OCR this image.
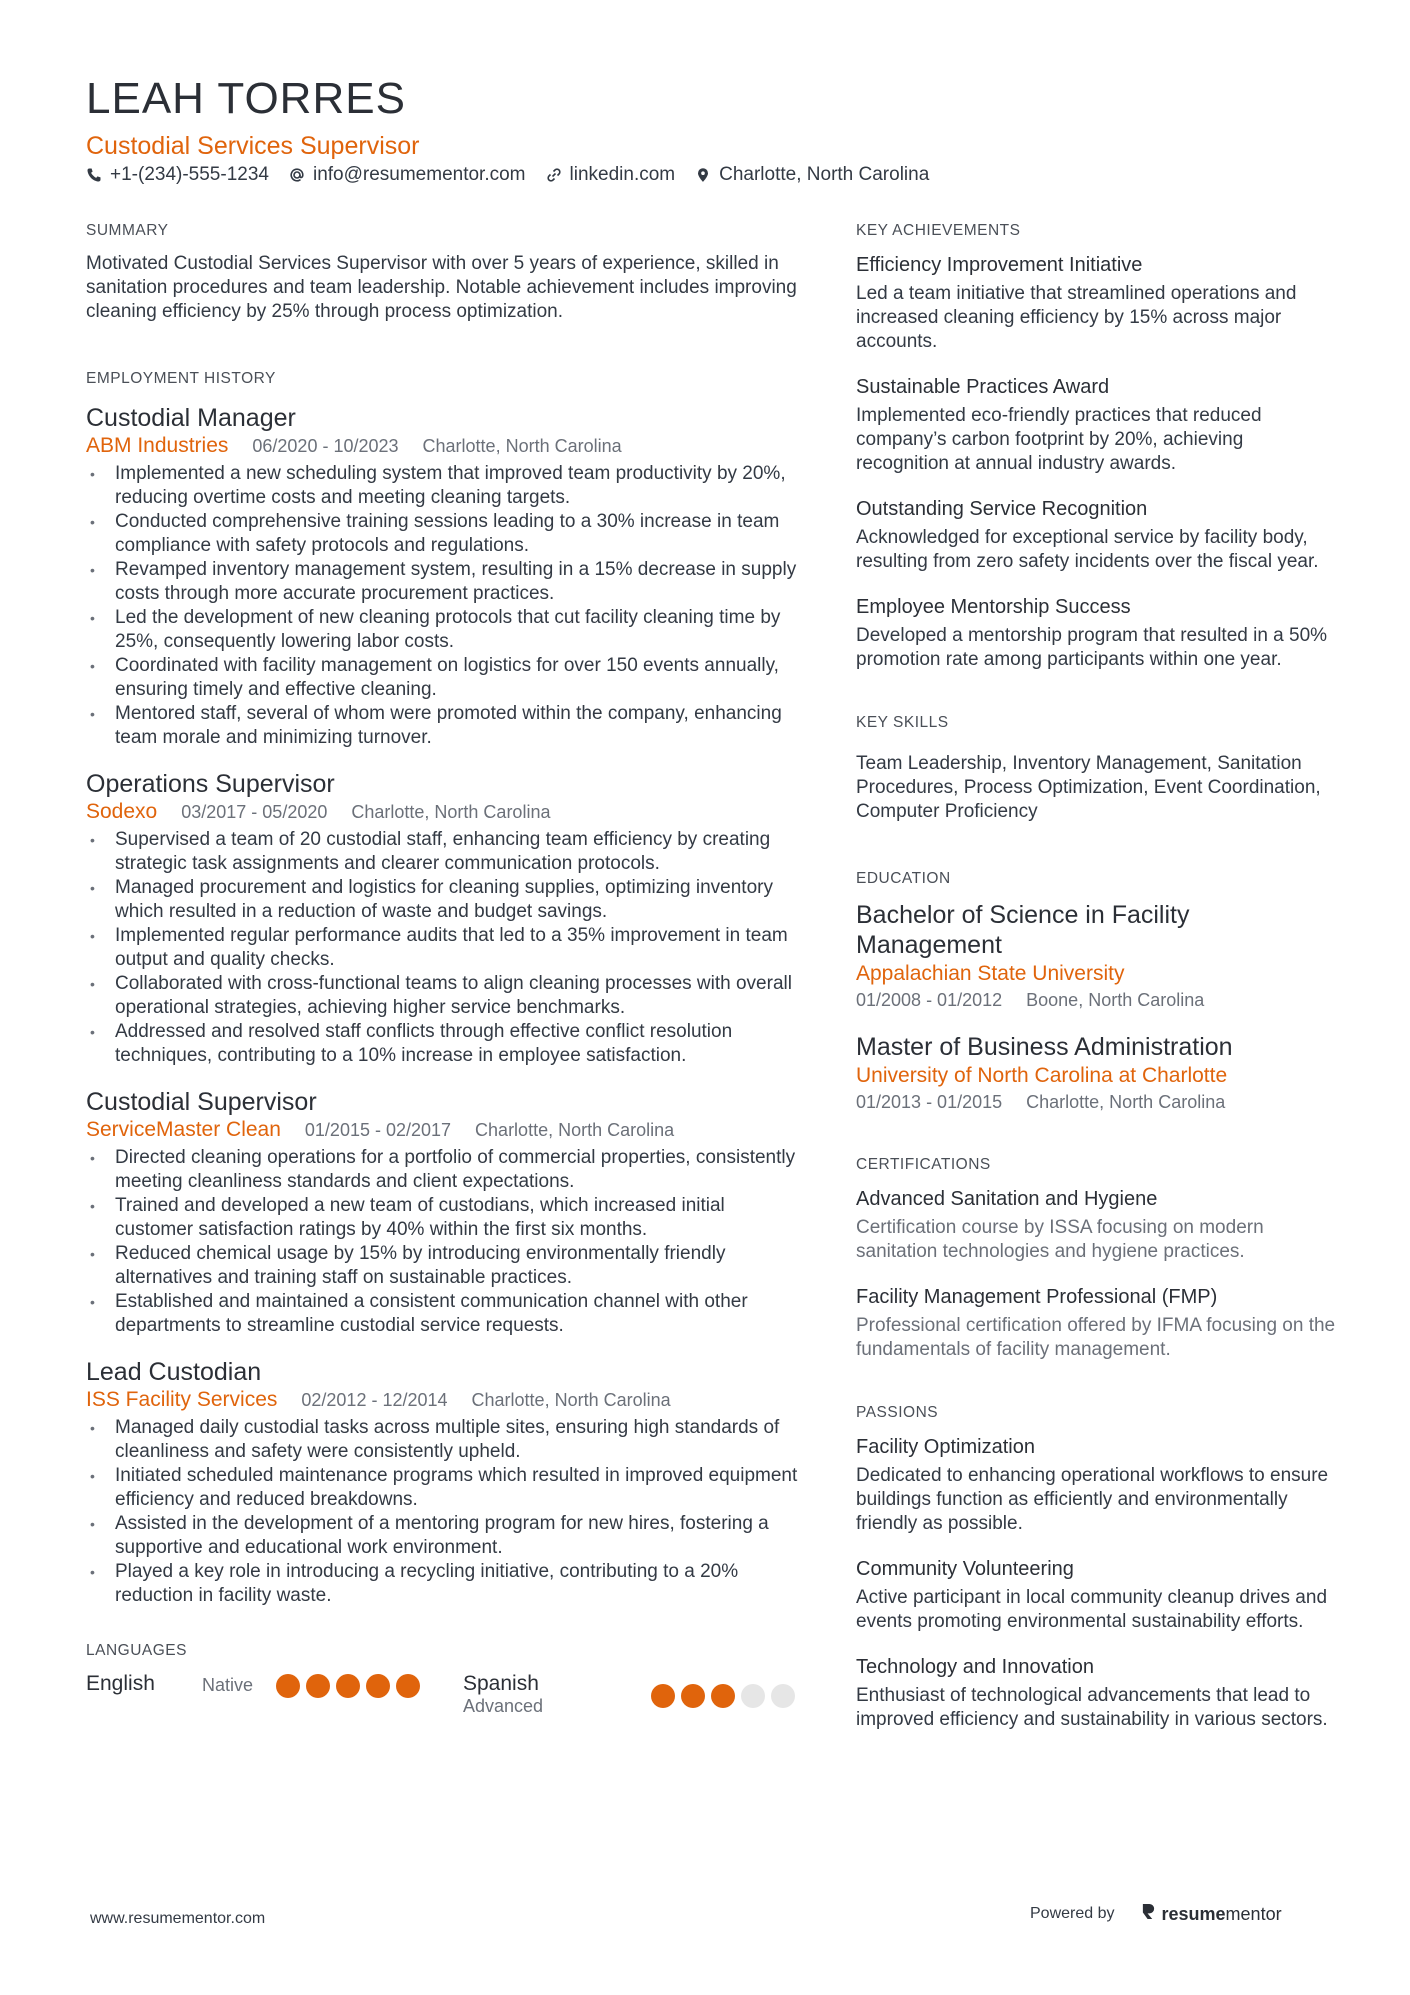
LEAH TORRES
Custodial Services Supervisor
+1-(234)-555-1234 info@resumementor.com linkedin.com Charlotte, North Carolina
SUMMARY

Motivated Custodial Services Supervisor with over 5 years of experience, skilled in sanitation procedures and team leadership. Notable achievement includes improving cleaning efficiency by 25% through process optimization.

EMPLOYMENT HISTORY
Custodial Manager
ABM Industries 06/2020 - 10/2023 Charlotte, North Carolina
• Implemented a new scheduling system that improved team productivity by 20%, reducing overtime costs and meeting cleaning targets.
• Conducted comprehensive training sessions leading to a 30% increase in team compliance with safety protocols and regulations.
• Revamped inventory management system, resulting in a 15% decrease in supply costs through more accurate procurement practices.
• Led the development of new cleaning protocols that cut facility cleaning time by 25%, consequently lowering labor costs.
• Coordinated with facility management on logistics for over 150 events annually, ensuring timely and effective cleaning.
• Mentored staff, several of whom were promoted within the company, enhancing team morale and minimizing turnover.
Operations Supervisor
Sodexo 03/2017 - 05/2020 Charlotte, North Carolina
• Supervised a team of 20 custodial staff, enhancing team efficiency by creating strategic task assignments and clearer communication protocols.
• Managed procurement and logistics for cleaning supplies, optimizing inventory which resulted in a reduction of waste and budget savings.
• Implemented regular performance audits that led to a 35% improvement in team output and quality checks.
• Collaborated with cross-functional teams to align cleaning processes with overall operational strategies, achieving higher service benchmarks.
• Addressed and resolved staff conflicts through effective conflict resolution techniques, contributing to a 10% increase in employee satisfaction.
Custodial Supervisor
ServiceMaster Clean 01/2015 - 02/2017 Charlotte, North Carolina
• Directed cleaning operations for a portfolio of commercial properties, consistently meeting cleanliness standards and client expectations.
• Trained and developed a new team of custodians, which increased initial customer satisfaction ratings by 40% within the first six months.
• Reduced chemical usage by 15% by introducing environmentally friendly alternatives and training staff on sustainable practices.
• Established and maintained a consistent communication channel with other departments to streamline custodial service requests.
Lead Custodian
ISS Facility Services 02/2012 - 12/2014 Charlotte, North Carolina
• Managed daily custodial tasks across multiple sites, ensuring high standards of cleanliness and safety were consistently upheld.
• Initiated scheduled maintenance programs which resulted in improved equipment efficiency and reduced breakdowns.
• Assisted in the development of a mentoring program for new hires, fostering a supportive and educational work environment.
• Played a key role in introducing a recycling initiative, contributing to a 20% reduction in facility waste.
LANGUAGES
English	Native	Spanish
Advanced
KEY ACHIEVEMENTS
Efficiency Improvement Initiative

Led a team initiative that streamlined operations and increased cleaning efficiency by 15% across major accounts.

Sustainable Practices Award

Implemented eco-friendly practices that reduced company’s carbon footprint by 20%, achieving recognition at annual industry awards.

Outstanding Service Recognition

Acknowledged for exceptional service by facility body, resulting from zero safety incidents over the fiscal year.

Employee Mentorship Success

Developed a mentorship program that resulted in a 50% promotion rate among participants within one year.

KEY SKILLS

Team Leadership, Inventory Management, Sanitation Procedures, Process Optimization, Event Coordination, Computer Proficiency

EDUCATION
Bachelor of Science in Facility Management
Appalachian State University
01/2008 - 01/2012 Boone, North Carolina
Master of Business Administration
University of North Carolina at Charlotte
01/2013 - 01/2015 Charlotte, North Carolina
CERTIFICATIONS
Advanced Sanitation and Hygiene

Certification course by ISSA focusing on modern sanitation technologies and hygiene practices.

Facility Management Professional (FMP)

Professional certification offered by IFMA focusing on the fundamentals of facility management.

PASSIONS
Facility Optimization

Dedicated to enhancing operational workflows to ensure buildings function as efficiently and environmentally friendly as possible.

Community Volunteering

Active participant in local community cleanup drives and events promoting environmental sustainability efforts.

Technology and Innovation

Enthusiast of technological advancements that lead to improved efficiency and sustainability in various sectors.

www.resumementor.com	Powered by	resumementor
